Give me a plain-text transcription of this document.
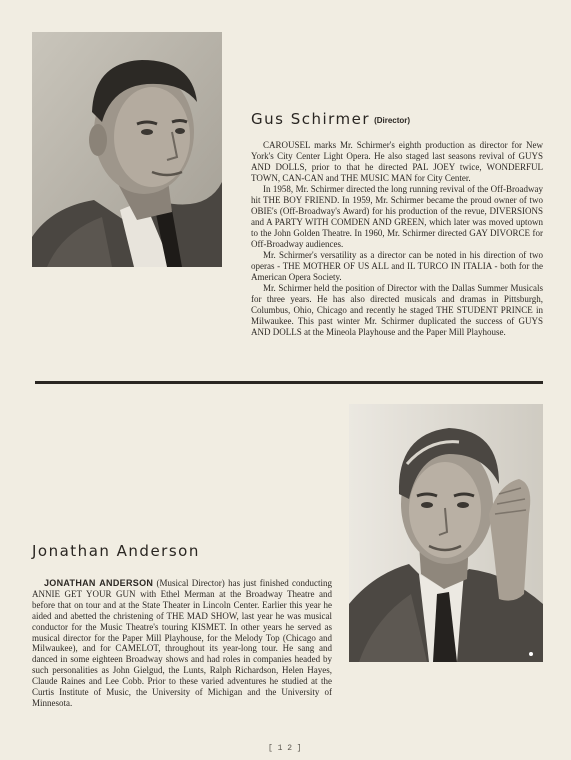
Gus Schirmer (Director)

CAROUSEL marks Mr. Schirmer's eighth production as director for New York's City Center Light Opera. He also staged last seasons revival of GUYS AND DOLLS, prior to that he directed PAL JOEY twice, WONDERFUL TOWN, CAN-CAN and THE MUSIC MAN for City Center.

In 1958, Mr. Schirmer directed the long running revival of the Off-Broadway hit THE BOY FRIEND. In 1959, Mr. Schirmer became the proud owner of two OBIE's (Off-Broadway's Award) for his production of the revue, DIVERSIONS and A PARTY WITH COMDEN AND GREEN, which later was moved uptown to the John Golden Theatre. In 1960, Mr. Schirmer directed GAY DIVORCE for Off-Broadway audiences.

Mr. Schirmer's versatility as a director can be noted in his direction of two operas - THE MOTHER OF US ALL and IL TURCO IN ITALIA - both for the American Opera Society.

Mr. Schirmer held the position of Director with the Dallas Summer Musicals for three years. He has also directed musicals and dramas in Pittsburgh, Columbus, Ohio, Chicago and recently he staged THE STUDENT PRINCE in Milwaukee. This past winter Mr. Schirmer duplicated the success of GUYS AND DOLLS at the Mineola Playhouse and the Paper Mill Playhouse.

Jonathan Anderson

JONATHAN ANDERSON (Musical Director) has just finished conducting ANNIE GET YOUR GUN with Ethel Merman at the Broadway Theatre and before that on tour and at the State Theater in Lincoln Center. Earlier this year he aided and abetted the christening of THE MAD SHOW, last year he was musical conductor for the Music Theatre's touring KISMET. In other years he served as musical director for the Paper Mill Playhouse, for the Melody Top (Chicago and Milwaukee), and for CAMELOT, throughout its year-long tour. He sang and danced in some eighteen Broadway shows and had roles in companies headed by such personalities as John Gielgud, the Lunts, Ralph Richardson, Helen Hayes, Claude Raines and Lee Cobb. Prior to these varied adventures he studied at the Curtis Institute of Music, the University of Michigan and the University of Minnesota.

[ 1 2 ]
